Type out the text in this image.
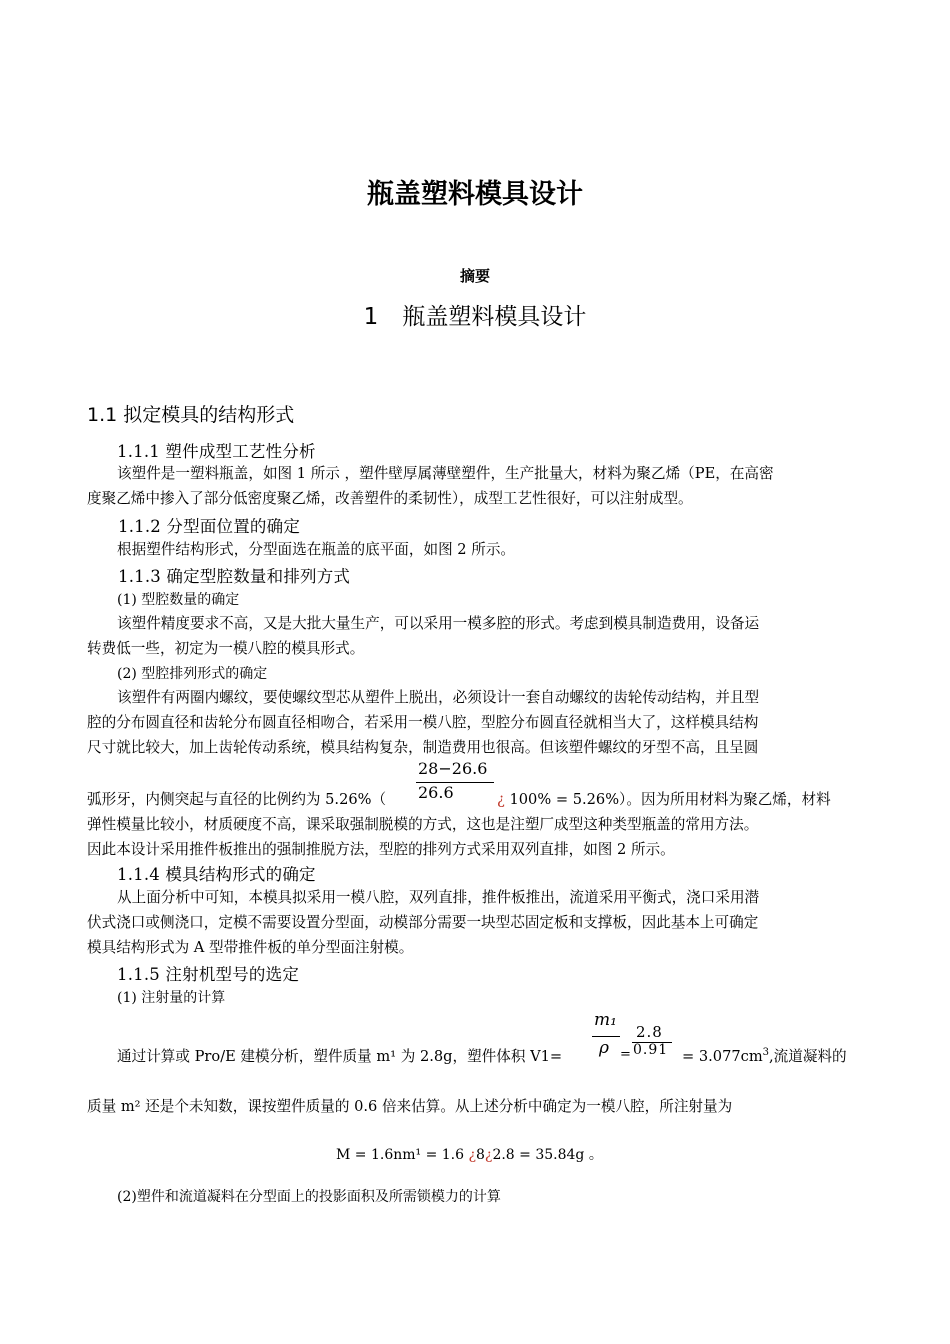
瓶盖塑料模具设计
摘要
1 瓶盖塑料模具设计
1.1 拟定模具的结构形式
1.1.1 塑件成型工艺性分析
该塑件是一塑料瓶盖，如图 1 所示 ，塑件壁厚属薄壁塑件，生产批量大，材料为聚乙烯（PE，在高密
度聚乙烯中掺入了部分低密度聚乙烯，改善塑件的柔韧性），成型工艺性很好，可以注射成型。
1.1.2 分型面位置的确定
根据塑件结构形式，分型面选在瓶盖的底平面，如图 2 所示。
1.1.3 确定型腔数量和排列方式
(1) 型腔数量的确定
该塑件精度要求不高，又是大批大量生产，可以采用一模多腔的形式。考虑到模具制造费用，设备运
转费低一些，初定为一模八腔的模具形式。
(2) 型腔排列形式的确定
该塑件有两圈内螺纹，要使螺纹型芯从塑件上脱出，必须设计一套自动螺纹的齿轮传动结构，并且型
腔的分布圆直径和齿轮分布圆直径相吻合，若采用一模八腔，型腔分布圆直径就相当大了，这样模具结构
尺寸就比较大，加上齿轮传动系统，模具结构复杂，制造费用也很高。但该塑件螺纹的牙型不高，且呈圆
28−26.6
26.6
弧形牙，内侧突起与直径的比例约为 5.26%（	¿ 100% = 5.26%）。因为所用材料为聚乙烯，材料
弹性模量比较小，材质硬度不高，课采取强制脱模的方式，这也是注塑厂成型这种类型瓶盖的常用方法。
因此本设计采用推件板推出的强制推脱方法，型腔的排列方式采用双列直排，如图 2 所示。
1.1.4 模具结构形式的确定
从上面分析中可知，本模具拟采用一模八腔，双列直排，推件板推出，流道采用平衡式，浇口采用潜
伏式浇口或侧浇口，定模不需要设置分型面，动模部分需要一块型芯固定板和支撑板，因此基本上可确定
模具结构形式为 A 型带推件板的单分型面注射模。
1.1.5 注射机型号的选定
(1) 注射量的计算
m₁
ρ
2.8
0.91
通过计算或 Pro/E 建模分析，塑件质量 m¹ 为 2.8g，塑件体积 V1=	=	= $3.077cm^3$,流道凝料的
质量 m² 还是个未知数，课按塑件质量的 0.6 倍来估算。从上述分析中确定为一模八腔，所注射量为
M = 1.6nm¹ = 1.6 ¿8¿2.8 = 35.84g 。
(2)塑件和流道凝料在分型面上的投影面积及所需锁模力的计算
